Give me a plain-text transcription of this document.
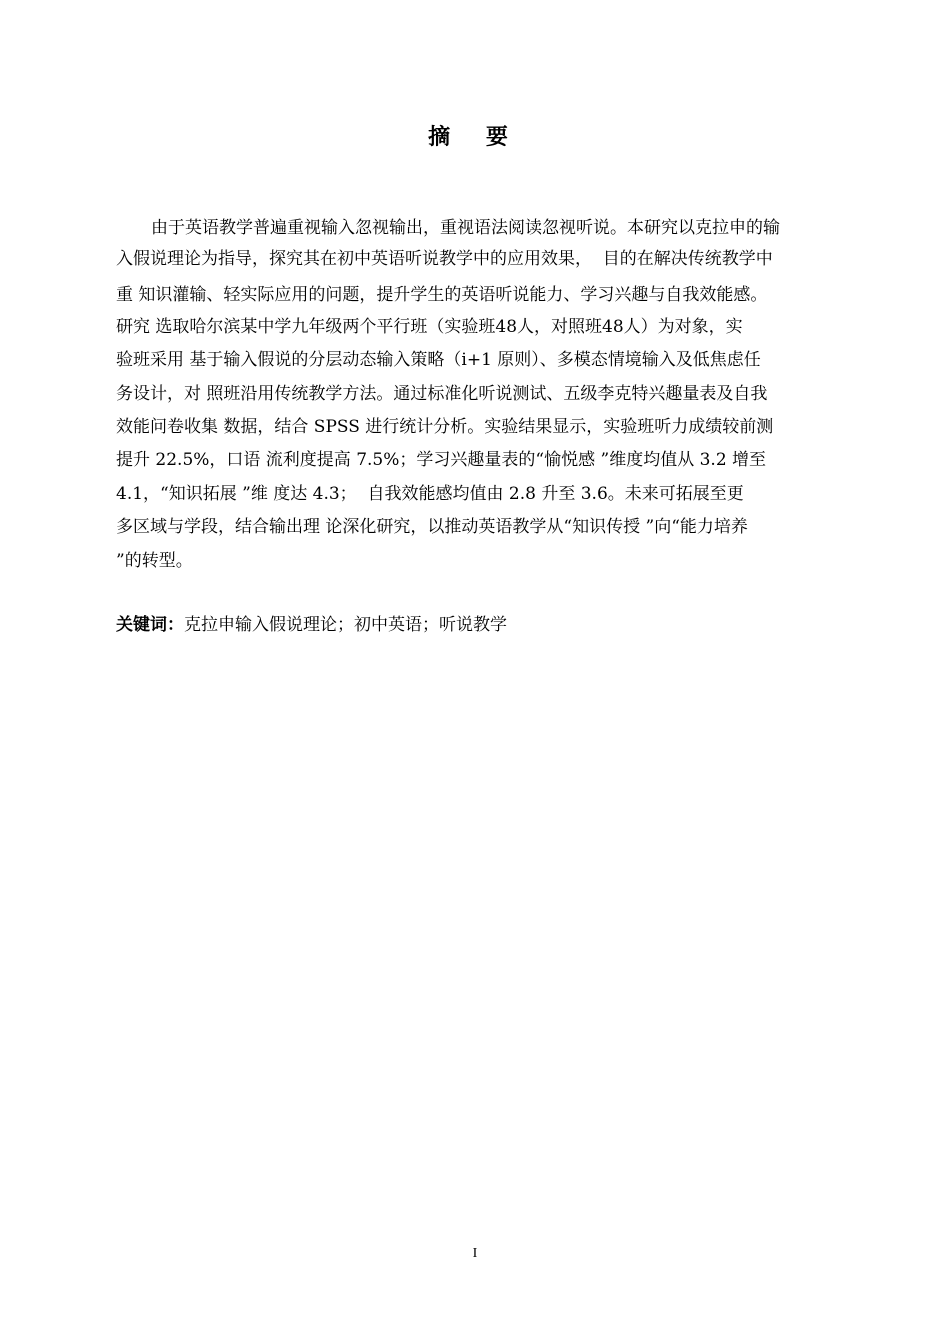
摘 要
由于英语教学普遍重视输入忽视输出，重视语法阅读忽视听说。本研究以克拉申的输
入假说理论为指导，探究其在初中英语听说教学中的应用效果，  目的在解决传统教学中
重 知识灌输、轻实际应用的问题，提升学生的英语听说能力、学习兴趣与自我效能感。
研究 选取哈尔滨某中学九年级两个平行班（实验班48人，对照班48人）为对象，实
验班采用 基于输入假说的分层动态输入策略（i+1 原则）、多模态情境输入及低焦虑任
务设计，对 照班沿用传统教学方法。通过标准化听说测试、五级李克特兴趣量表及自我
效能问卷收集 数据，结合 SPSS 进行统计分析。实验结果显示，实验班听力成绩较前测
提升 22.5%，口语 流利度提高 7.5%；学习兴趣量表的“愉悦感 ”维度均值从 3.2 增至
4.1，“知识拓展 ”维 度达 4.3；  自我效能感均值由 2.8 升至 3.6。未来可拓展至更
多区域与学段，结合输出理 论深化研究，以推动英语教学从“知识传授 ”向“能力培养
”的转型。
关键词：克拉申输入假说理论；初中英语；听说教学
I
